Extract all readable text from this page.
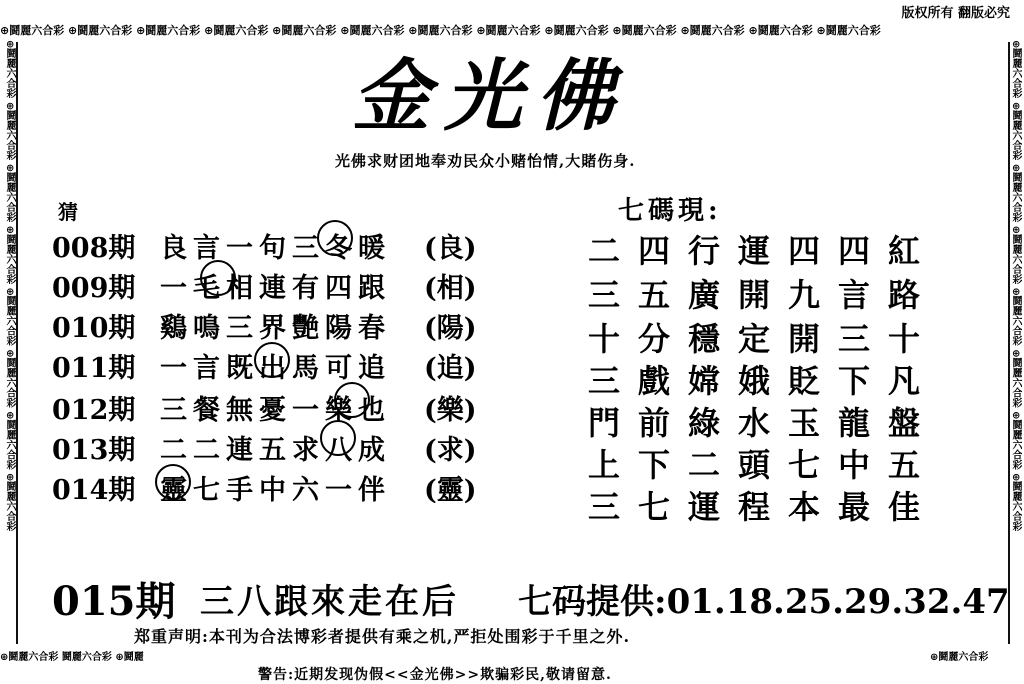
版权所有 翻版必究
⊕鬪麗六合彩 ⊕鬪麗六合彩 ⊕鬪麗六合彩 ⊕鬪麗六合彩 ⊕鬪麗六合彩 ⊕鬪麗六合彩 ⊕鬪麗六合彩 ⊕鬪麗六合彩 ⊕鬪麗六合彩 ⊕鬪麗六合彩 ⊕鬪麗六合彩 ⊕鬪麗六合彩 ⊕鬪麗六合彩
⊕鬪麗六合彩 ⊕鬪麗六合彩 ⊕鬪麗六合彩 ⊕鬪麗六合彩 ⊕鬪麗六合彩 ⊕鬪麗六合彩 ⊕鬪麗六合彩 ⊕鬪麗六合彩	⊕鬪麗六合彩 ⊕鬪麗六合彩 ⊕鬪麗六合彩 ⊕鬪麗六合彩 ⊕鬪麗六合彩 ⊕鬪麗六合彩 ⊕鬪麗六合彩 ⊕鬪麗六合彩
⊕鬪麗六合彩 鬪麗六合彩 ⊕鬪麗	⊕鬪麗六合彩
金光佛
光佛求财团地奉劝民众小赌怡情,大賭伤身.
猜
008期 良言一句三冬暖 (良)
009期 一毛相連有四跟 (相)
010期 鷄鳴三界艷陽春 (陽)
011期 一言既出馬可追 (追)
012期 三餐無憂一樂也 (樂)
013期 二二連五求八成 (求)
014期 靈七手中六一伴 (靈)
七碼現:
二四行運四四紅
三五廣開九言路
十分穩定開三十
三戲嫦娥貶下凡
門前綠水玉龍盤
上下二頭七中五
三七運程本最佳
015期 三八跟來走在后 七码提供:01.18.25.29.32.47
郑重声明:本刊为合法博彩者提供有乘之机,严拒处围彩于千里之外.
警告:近期发现伪假<<金光佛>>欺骗彩民,敬请留意.
